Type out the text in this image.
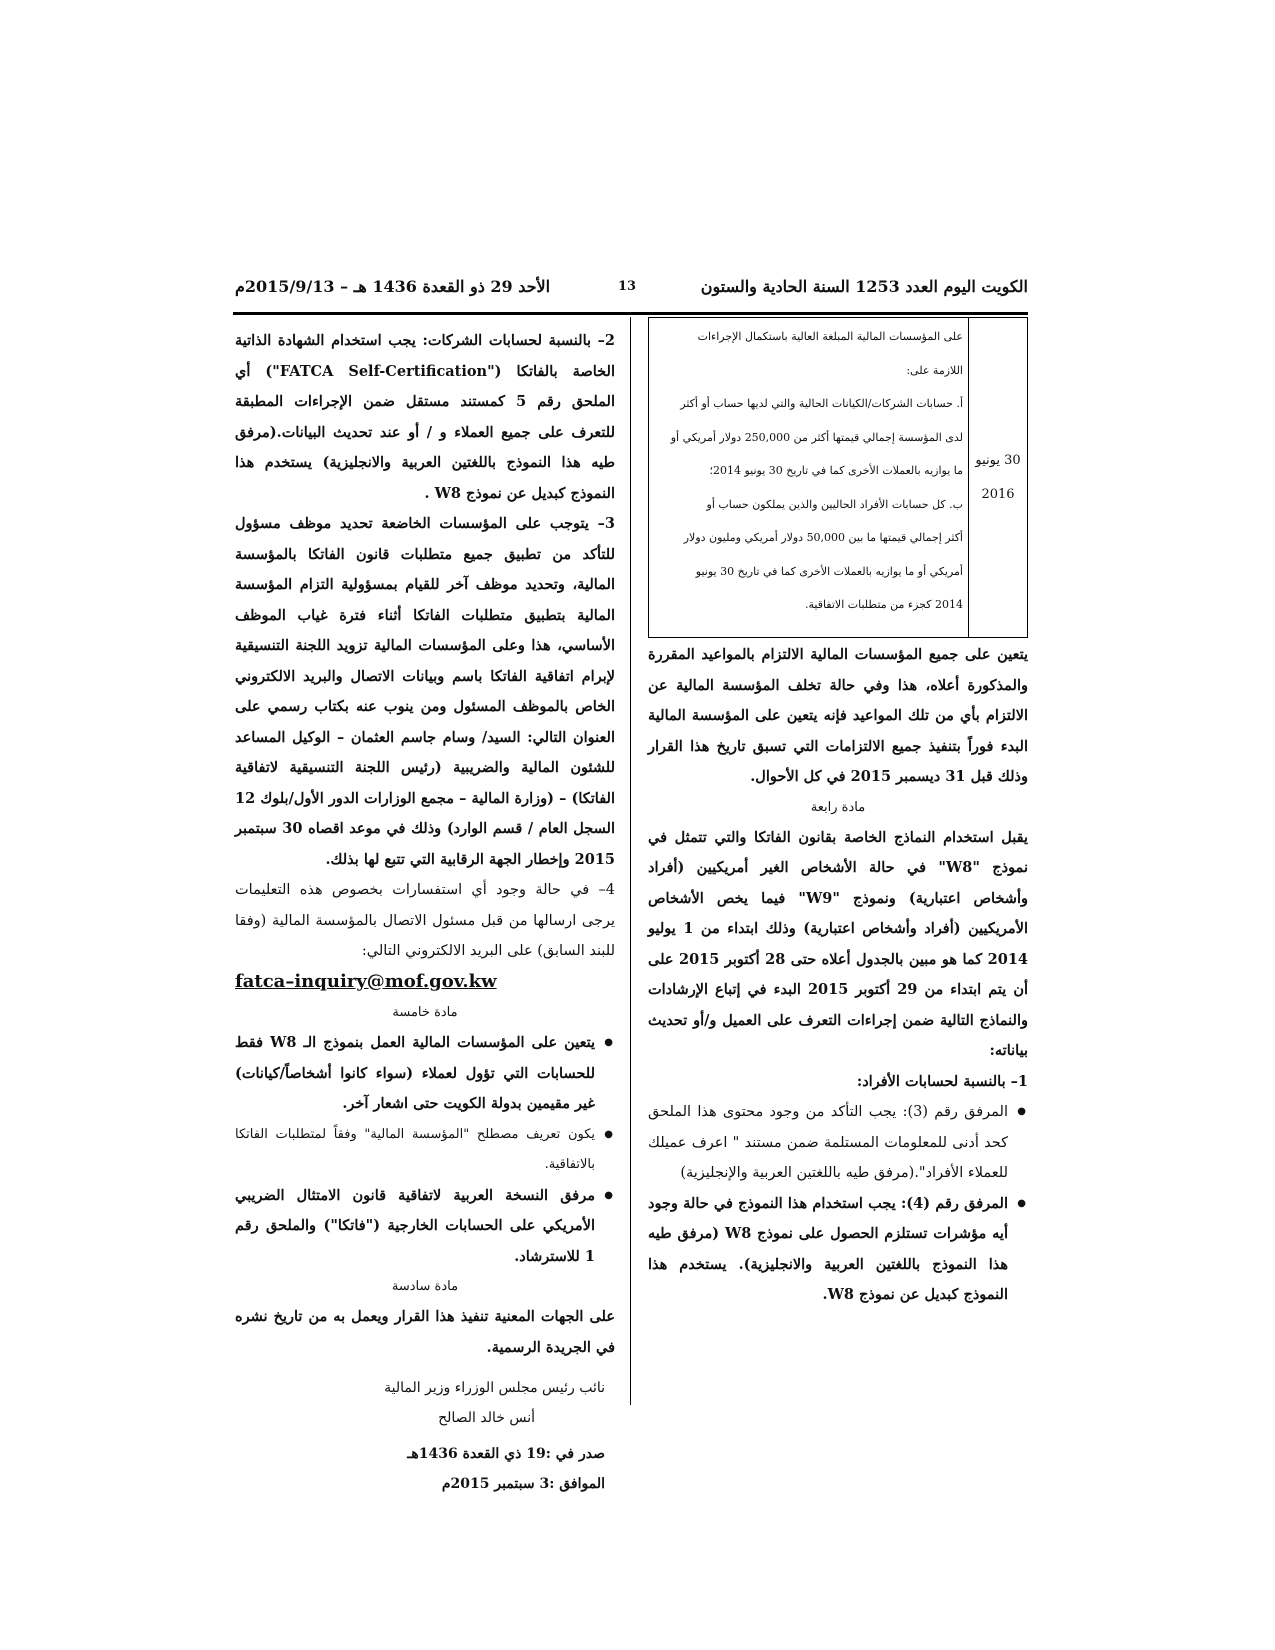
الكويت اليوم العدد 1253 السنة الحادية والستون
13
الأحد 29 ذو القعدة 1436 هـ – 2015/9/13م
30 يونيو
2016
على المؤسسات المالية المبلغة العالية باستكمال الإجراءات
اللازمة على:
أ. حسابات الشركات/الكيانات الحالية والتي لديها حساب أو أكثر
لدى المؤسسة إجمالي قيمتها أكثر من 250,000 دولار أمريكي أو
ما يوازيه بالعملات الأخرى كما في تاريخ 30 يونيو 2014؛
ب. كل حسابات الأفراد الحاليين والذين يملكون حساب أو
أكثر إجمالي قيمتها ما بين 50,000 دولار أمريكي ومليون دولار
أمريكي أو ما يوازيه بالعملات الأخرى كما في تاريخ 30 يونيو
2014 كجزء من متطلبات الاتفاقية.

يتعين على جميع المؤسسات المالية الالتزام بالمواعيد المقررة والمذكورة أعلاه، هذا وفي حالة تخلف المؤسسة المالية عن الالتزام بأي من تلك المواعيد فإنه يتعين على المؤسسة المالية البدء فوراً بتنفيذ جميع الالتزامات التي تسبق تاريخ هذا القرار وذلك قبل 31 ديسمبر 2015 في كل الأحوال.

مادة رابعة

يقبل استخدام النماذج الخاصة بقانون الفاتكا والتي تتمثل في نموذج "W8" في حالة الأشخاص الغير أمريكيين (أفراد وأشخاص اعتبارية) ونموذج "W9" فيما يخص الأشخاص الأمريكيين (أفراد وأشخاص اعتبارية) وذلك ابتداء من 1 يوليو 2014 كما هو مبين بالجدول أعلاه حتى 28 أكتوبر 2015 على أن يتم ابتداء من 29 أكتوبر 2015 البدء في إتباع الإرشادات والنماذج التالية ضمن إجراءات التعرف على العميل و/أو تحديث بياناته:

1– بالنسبة لحسابات الأفراد:

● المرفق رقم (3): يجب التأكد من وجود محتوى هذا الملحق كحد أدنى للمعلومات المستلمة ضمن مستند " اعرف عميلك للعملاء الأفراد".(مرفق طيه باللغتين العربية والإنجليزية)

● المرفق رقم (4): يجب استخدام هذا النموذج في حالة وجود أيه مؤشرات تستلزم الحصول على نموذج W8 (مرفق طيه هذا النموذج باللغتين العربية والانجليزية). يستخدم هذا النموذج كبديل عن نموذج W8.

2– بالنسبة لحسابات الشركات: يجب استخدام الشهادة الذاتية الخاصة بالفاتكا ("FATCA Self-Certification") أي الملحق رقم 5 كمستند مستقل ضمن الإجراءات المطبقة للتعرف على جميع العملاء و / أو عند تحديث البيانات.(مرفق طيه هذا النموذج باللغتين العربية والانجليزية) يستخدم هذا النموذج كبديل عن نموذج W8 .

3– يتوجب على المؤسسات الخاضعة تحديد موظف مسؤول للتأكد من تطبيق جميع متطلبات قانون الفاتكا بالمؤسسة المالية، وتحديد موظف آخر للقيام بمسؤولية التزام المؤسسة المالية بتطبيق متطلبات الفاتكا أثناء فترة غياب الموظف الأساسي، هذا وعلى المؤسسات المالية تزويد اللجنة التنسيقية لإبرام اتفاقية الفاتكا باسم وبيانات الاتصال والبريد الالكتروني الخاص بالموظف المسئول ومن ينوب عنه بكتاب رسمي على العنوان التالي: السيد/ وسام جاسم العثمان – الوكيل المساعد للشئون المالية والضريبية (رئيس اللجنة التنسيقية لاتفاقية الفاتكا) – (وزارة المالية – مجمع الوزارات الدور الأول/بلوك 12 السجل العام / قسم الوارد) وذلك في موعد اقصاه 30 سبتمبر 2015 وإخطار الجهة الرقابية التي تتبع لها بذلك.

4– في حالة وجود أي استفسارات بخصوص هذه التعليمات يرجى ارسالها من قبل مسئول الاتصال بالمؤسسة المالية (وفقا للبند السابق) على البريد الالكتروني التالي:

fatca–inquiry@mof.gov.kw

مادة خامسة

● يتعين على المؤسسات المالية العمل بنموذج الـ W8 فقط للحسابات التي تؤول لعملاء (سواء كانوا أشخاصاً/كيانات) غير مقيمين بدولة الكويت حتى اشعار آخر.

● يكون تعريف مصطلح "المؤسسة المالية" وفقاً لمتطلبات الفاتكا بالاتفاقية.

● مرفق النسخة العربية لاتفاقية قانون الامتثال الضريبي الأمريكي على الحسابات الخارجية ("فاتكا") والملحق رقم 1 للاسترشاد.

مادة سادسة

على الجهات المعنية تنفيذ هذا القرار ويعمل به من تاريخ نشره في الجريدة الرسمية.

نائب رئيس مجلس الوزراء وزير المالية

أنس خالد الصالح

صدر في :19 ذي القعدة 1436هـ

الموافق :3 سبتمبر 2015م
